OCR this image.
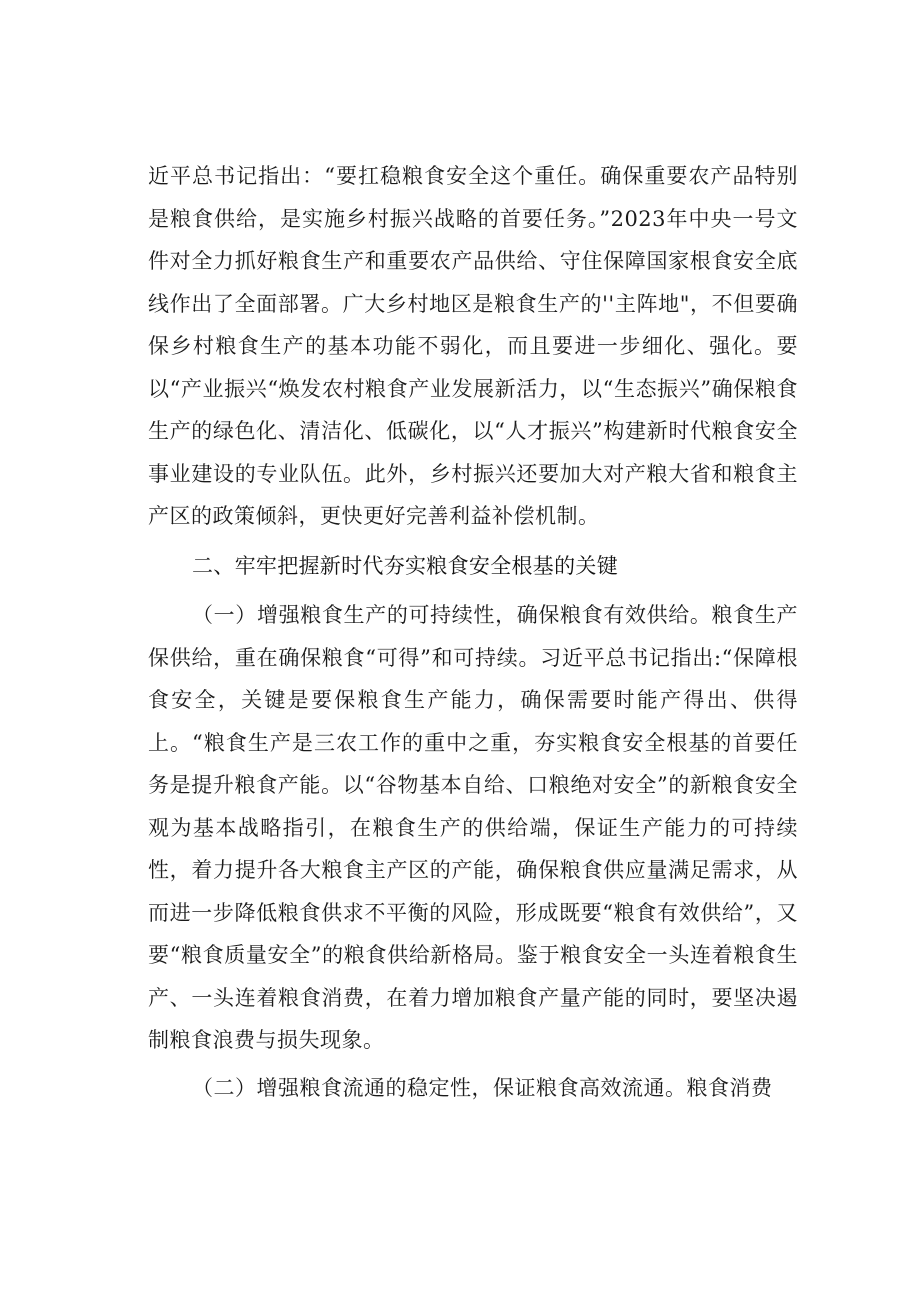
近平总书记指出：“要扛稳粮食安全这个重任。确保重要农产品特别是粮食供给，是实施乡村振兴战略的首要任务。”2023年中央一号文件对全力抓好粮食生产和重要农产品供给、守住保障国家根食安全底线作出了全面部署。广大乡村地区是粮食生产的''主阵地"，不但要确保乡村粮食生产的基本功能不弱化，而且要进一步细化、强化。要以“产业振兴“焕发农村粮食产业发展新活力，以“生态振兴”确保粮食生产的绿色化、清洁化、低碳化，以“人才振兴”构建新时代粮食安全事业建设的专业队伍。此外，乡村振兴还要加大对产粮大省和粮食主产区的政策倾斜，更快更好完善利益补偿机制。

二、牢牢把握新时代夯实粮食安全根基的关键

（一）增强粮食生产的可持续性，确保粮食有效供给。粮食生产保供给，重在确保粮食“可得”和可持续。习近平总书记指出:“保障根食安全，关键是要保粮食生产能力，确保需要时能产得出、供得上。“粮食生产是三农工作的重中之重，夯实粮食安全根基的首要任务是提升粮食产能。以“谷物基本自给、口粮绝对安全”的新粮食安全观为基本战略指引，在粮食生产的供给端，保证生产能力的可持续性，着力提升各大粮食主产区的产能，确保粮食供应量满足需求，从而进一步降低粮食供求不平衡的风险，形成既要“粮食有效供给”，又要“粮食质量安全”的粮食供给新格局。鉴于粮食安全一头连着粮食生产、一头连着粮食消费，在着力增加粮食产量产能的同时，要坚决遏制粮食浪费与损失现象。

（二）增强粮食流通的稳定性，保证粮食高效流通。粮食消费
